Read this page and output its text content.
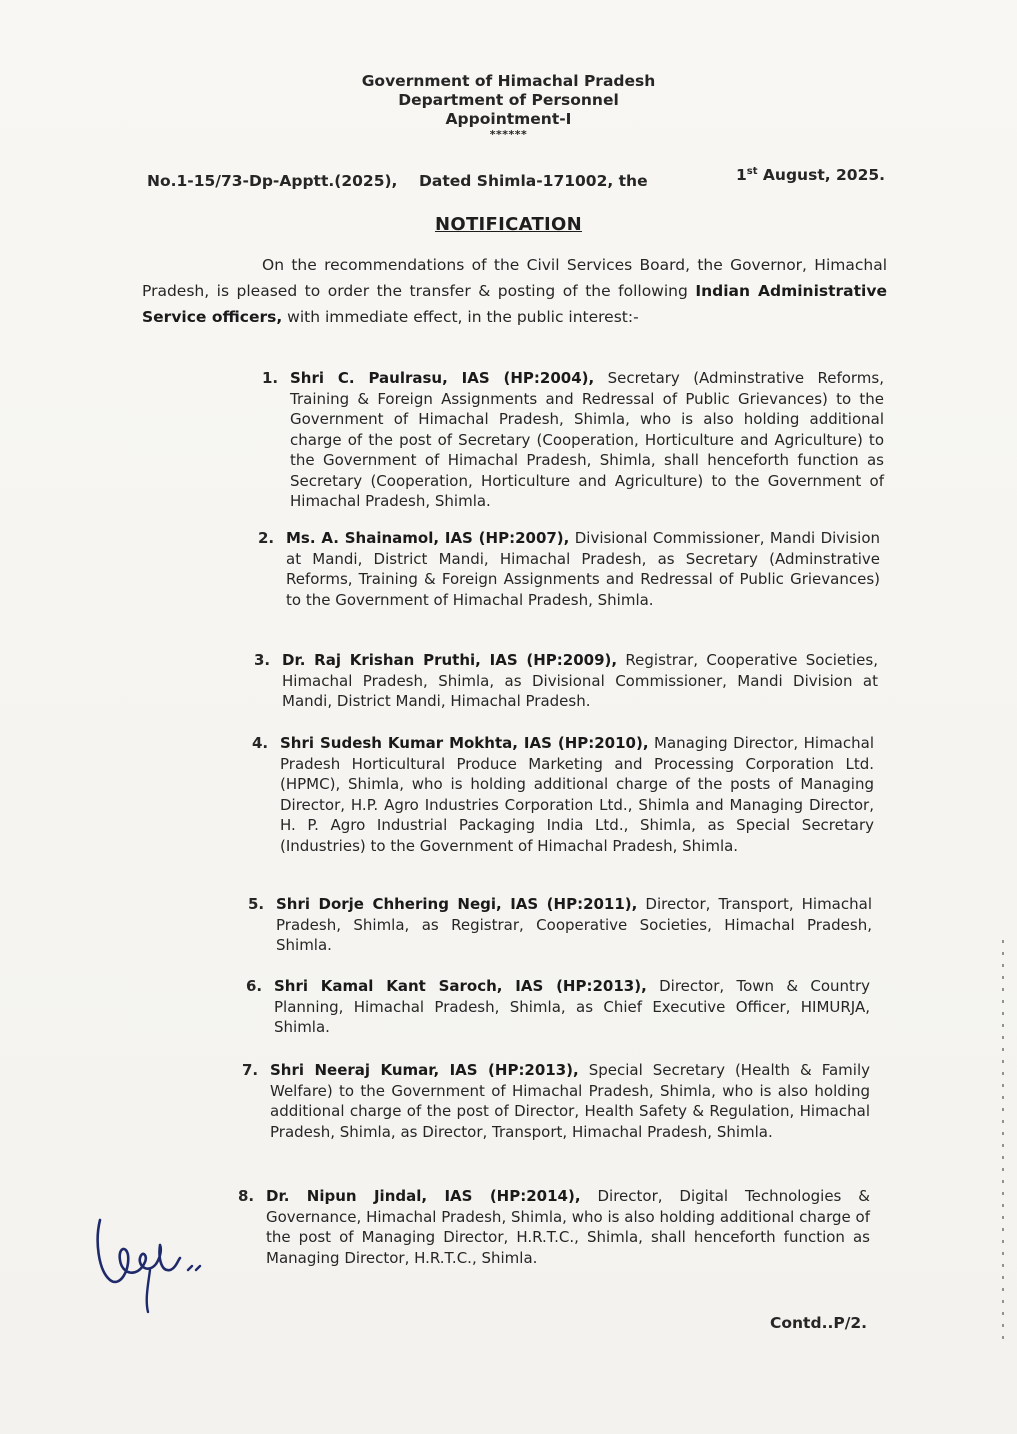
Government of Himachal Pradesh
Department of Personnel
Appointment-I
******
No.1-15/73-Dp-Apptt.(2025), Dated Shimla-171002, the	1st August, 2025.
NOTIFICATION
On the recommendations of the Civil Services Board, the Governor, Himachal Pradesh, is pleased to order the transfer & posting of the following Indian Administrative Service officers, with immediate effect, in the public interest:-
1. Shri C. Paulrasu, IAS (HP:2004), Secretary (Adminstrative Reforms, Training & Foreign Assignments and Redressal of Public Grievances) to the Government of Himachal Pradesh, Shimla, who is also holding additional charge of the post of Secretary (Cooperation, Horticulture and Agriculture) to the Government of Himachal Pradesh, Shimla, shall henceforth function as Secretary (Cooperation, Horticulture and Agriculture) to the Government of Himachal Pradesh, Shimla.
2. Ms. A. Shainamol, IAS (HP:2007), Divisional Commissioner, Mandi Division at Mandi, District Mandi, Himachal Pradesh, as Secretary (Adminstrative Reforms, Training & Foreign Assignments and Redressal of Public Grievances) to the Government of Himachal Pradesh, Shimla.
3. Dr. Raj Krishan Pruthi, IAS (HP:2009), Registrar, Cooperative Societies, Himachal Pradesh, Shimla, as Divisional Commissioner, Mandi Division at Mandi, District Mandi, Himachal Pradesh.
4. Shri Sudesh Kumar Mokhta, IAS (HP:2010), Managing Director, Himachal Pradesh Horticultural Produce Marketing and Processing Corporation Ltd. (HPMC), Shimla, who is holding additional charge of the posts of Managing Director, H.P. Agro Industries Corporation Ltd., Shimla and Managing Director, H. P. Agro Industrial Packaging India Ltd., Shimla, as Special Secretary (Industries) to the Government of Himachal Pradesh, Shimla.
5. Shri Dorje Chhering Negi, IAS (HP:2011), Director, Transport, Himachal Pradesh, Shimla, as Registrar, Cooperative Societies, Himachal Pradesh, Shimla.
6. Shri Kamal Kant Saroch, IAS (HP:2013), Director, Town & Country Planning, Himachal Pradesh, Shimla, as Chief Executive Officer, HIMURJA, Shimla.
7. Shri Neeraj Kumar, IAS (HP:2013), Special Secretary (Health & Family Welfare) to the Government of Himachal Pradesh, Shimla, who is also holding additional charge of the post of Director, Health Safety & Regulation, Himachal Pradesh, Shimla, as Director, Transport, Himachal Pradesh, Shimla.
8. Dr. Nipun Jindal, IAS (HP:2014), Director, Digital Technologies & Governance, Himachal Pradesh, Shimla, who is also holding additional charge of the post of Managing Director, H.R.T.C., Shimla, shall henceforth function as Managing Director, H.R.T.C., Shimla.
Contd..P/2.
